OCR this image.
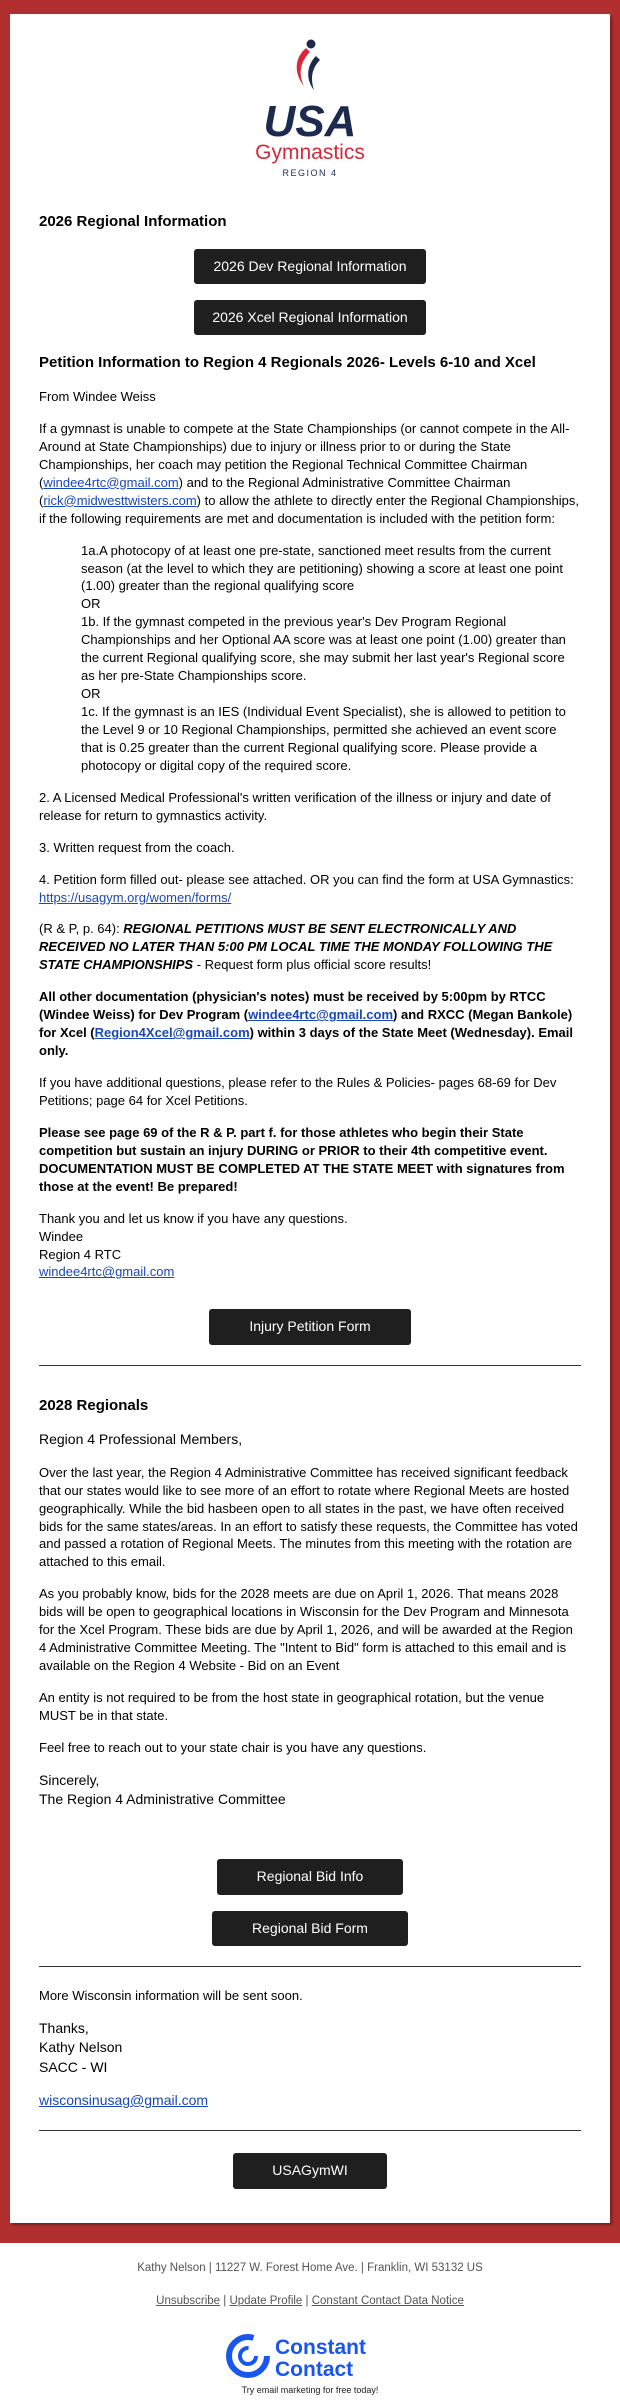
USA
Gymnastics
REGION 4
2026 Regional Information
2026 Dev Regional Information
2026 Xcel Regional Information
Petition Information to Region 4 Regionals 2026- Levels 6-10 and Xcel

From Windee Weiss

If a gymnast is unable to compete at the State Championships (or cannot compete in the All-Around at State Championships) due to injury or illness prior to or during the State Championships, her coach may petition the Regional Technical Committee Chairman (windee4rtc@gmail.com) and to the Regional Administrative Committee Chairman (rick@midwesttwisters.com) to allow the athlete to directly enter the Regional Championships, if the following requirements are met and documentation is included with the petition form:

1a.A photocopy of at least one pre-state, sanctioned meet results from the current season (at the level to which they are petitioning) showing a score at least one point (1.00) greater than the regional qualifying score
OR
1b. If the gymnast competed in the previous year's Dev Program Regional Championships and her Optional AA score was at least one point (1.00) greater than the current Regional qualifying score, she may submit her last year's Regional score as her pre-State Championships score.
OR
1c. If the gymnast is an IES (Individual Event Specialist), she is allowed to petition to the Level 9 or 10 Regional Championships, permitted she achieved an event score that is 0.25 greater than the current Regional qualifying score. Please provide a photocopy or digital copy of the required score.

2. A Licensed Medical Professional's written verification of the illness or injury and date of release for return to gymnastics activity.

3. Written request from the coach.

4. Petition form filled out- please see attached. OR you can find the form at USA Gymnastics: https://usagym.org/women/forms/

(R & P, p. 64): REGIONAL PETITIONS MUST BE SENT ELECTRONICALLY AND RECEIVED NO LATER THAN 5:00 PM LOCAL TIME THE MONDAY FOLLOWING THE STATE CHAMPIONSHIPS - Request form plus official score results!

All other documentation (physician's notes) must be received by 5:00pm by RTCC (Windee Weiss) for Dev Program (windee4rtc@gmail.com) and RXCC (Megan Bankole) for Xcel (Region4Xcel@gmail.com) within 3 days of the State Meet (Wednesday). Email only.

If you have additional questions, please refer to the Rules & Policies- pages 68-69 for Dev Petitions; page 64 for Xcel Petitions.

Please see page 69 of the R & P. part f. for those athletes who begin their State competition but sustain an injury DURING or PRIOR to their 4th competitive event. DOCUMENTATION MUST BE COMPLETED AT THE STATE MEET with signatures from those at the event! Be prepared!

Thank you and let us know if you have any questions.
Windee
Region 4 RTC
windee4rtc@gmail.com

Injury Petition Form
2028 Regionals

Region 4 Professional Members,

Over the last year, the Region 4 Administrative Committee has received significant feedback that our states would like to see more of an effort to rotate where Regional Meets are hosted geographically. While the bid hasbeen open to all states in the past, we have often received bids for the same states/areas. In an effort to satisfy these requests, the Committee has voted and passed a rotation of Regional Meets. The minutes from this meeting with the rotation are attached to this email.

As you probably know, bids for the 2028 meets are due on April 1, 2026. That means 2028 bids will be open to geographical locations in Wisconsin for the Dev Program and Minnesota for the Xcel Program. These bids are due by April 1, 2026, and will be awarded at the Region 4 Administrative Committee Meeting. The "Intent to Bid" form is attached to this email and is available on the Region 4 Website - Bid on an Event

An entity is not required to be from the host state in geographical rotation, but the venue MUST be in that state.

Feel free to reach out to your state chair is you have any questions.

Sincerely,
The Region 4 Administrative Committee

Regional Bid Info
Regional Bid Form

More Wisconsin information will be sent soon.

Thanks,
Kathy Nelson
SACC - WI

wisconsinusag@gmail.com

USAGymWI
Kathy Nelson | 11227 W. Forest Home Ave. | Franklin, WI 53132 US
Unsubscribe | Update Profile | Constant Contact Data Notice
Constant
Contact
Try email marketing for free today!
